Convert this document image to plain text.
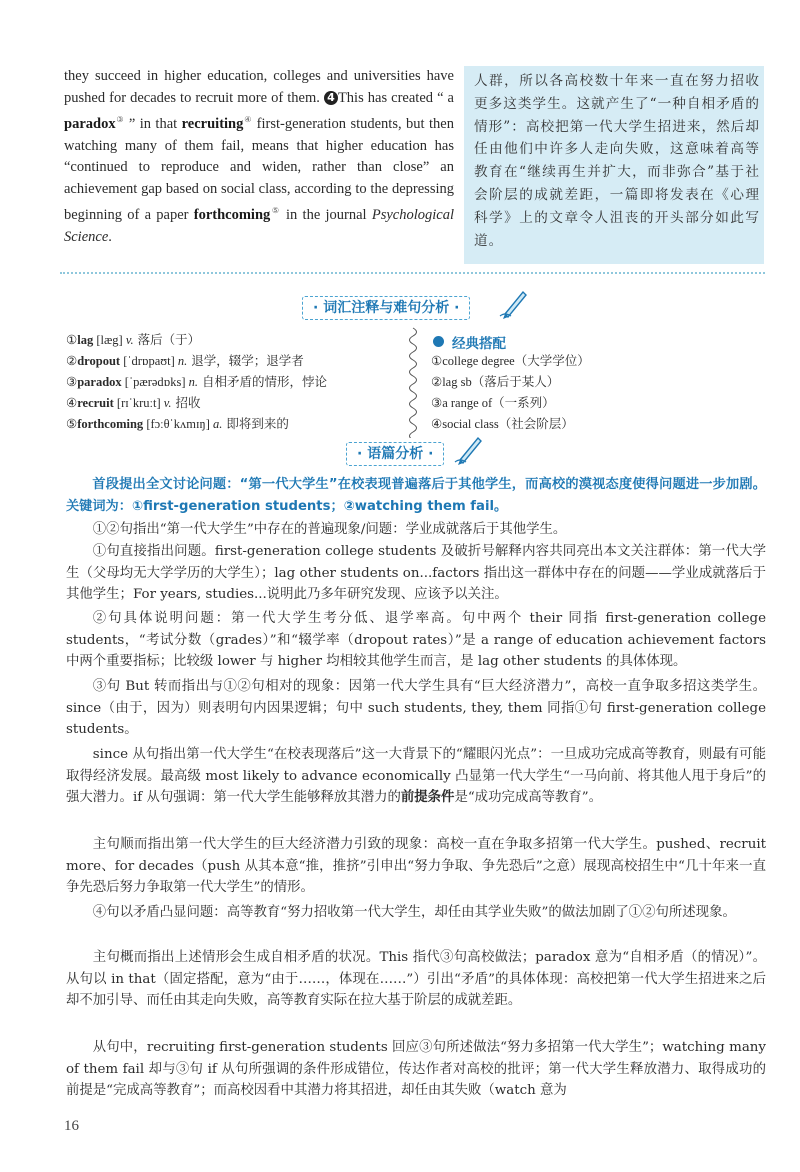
they succeed in higher education, colleges and universities have pushed for decades to recruit more of them. 4 This has created “ a paradox③ ” in that recruiting④ first-generation students, but then watching many of them fail, means that higher education has “continued to reproduce and widen, rather than close” an achievement gap based on social class, according to the depressing beginning of a paper forthcoming⑤ in the journal Psychological Science.
人群，所以各高校数十年来一直在努力招收更多这类学生。这就产生了“一种自相矛盾的情形”：高校把第一代大学生招进来，然后却任由他们中许多人走向失败，这意味着高等教育在“继续再生并扩大，而非弥合”基于社会阶层的成就差距，一篇即将发表在《心理科学》上的文章令人沮丧的开头部分如此写道。
· 词汇注释与难句分析 ·
①lag [læg] v. 落后（于）
②dropout [ˈdrɒpaʊt] n. 退学，辍学；退学者
③paradox [ˈpærədɒks] n. 自相矛盾的情形，悖论
④recruit [rɪˈkruːt] v. 招收
⑤forthcoming [fɔːθˈkʌmɪŋ] a. 即将到来的
经典搭配
①college degree（大学学位）
②lag sb（落后于某人）
③a range of（一系列）
④social class（社会阶层）
· 语篇分析 ·
首段提出全文讨论问题：“第一代大学生”在校表现普遍落后于其他学生，而高校的漠视态度使得问题进一步加剧。关键词为：①first-generation students；②watching them fail。
①②句指出“第一代大学生”中存在的普遍现象/问题：学业成就落后于其他学生。
①句直接指出问题。first-generation college students 及破折号解释内容共同亮出本文关注群体：第一代大学生（父母均无大学学历的大学生）；lag other students on...factors 指出这一群体中存在的问题——学业成就落后于其他学生；For years, studies...说明此乃多年研究发现、应该予以关注。
②句具体说明问题：第一代大学生考分低、退学率高。句中两个 their 同指 first-generation college students，“考试分数（grades）”和“辍学率（dropout rates）”是 a range of education achievement factors 中两个重要指标；比较级 lower 与 higher 均相较其他学生而言，是 lag other students 的具体体现。
③句 But 转而指出与①②句相对的现象：因第一代大学生具有“巨大经济潜力”，高校一直争取多招这类学生。since（由于，因为）则表明句内因果逻辑；句中 such students, they, them 同指①句 first-generation college students。
since 从句指出第一代大学生“在校表现落后”这一大背景下的“耀眼闪光点”：一旦成功完成高等教育，则最有可能取得经济发展。最高级 most likely to advance economically 凸显第一代大学生“一马向前、将其他人甩于身后”的强大潜力。if 从句强调：第一代大学生能够释放其潜力的前提条件是“成功完成高等教育”。
主句顺而指出第一代大学生的巨大经济潜力引致的现象：高校一直在争取多招第一代大学生。pushed、recruit more、for decades（push 从其本意“推，推挤”引申出“努力争取、争先恐后”之意）展现高校招生中“几十年来一直争先恐后努力争取第一代大学生”的情形。
④句以矛盾凸显问题：高等教育“努力招收第一代大学生，却任由其学业失败”的做法加剧了①②句所述现象。
主句概而指出上述情形会生成自相矛盾的状况。This 指代③句高校做法；paradox 意为“自相矛盾（的情况）”。从句以 in that（固定搭配，意为“由于……，体现在……”）引出“矛盾”的具体体现：高校把第一代大学生招进来之后却不加引导、而任由其走向失败，高等教育实际在拉大基于阶层的成就差距。
从句中，recruiting first-generation students 回应③句所述做法“努力多招第一代大学生”；watching many of them fail 却与③句 if 从句所强调的条件形成错位，传达作者对高校的批评；第一代大学生释放潜力、取得成功的前提是“完成高等教育”；而高校因看中其潜力将其招进，却任由其失败（watch 意为
16
